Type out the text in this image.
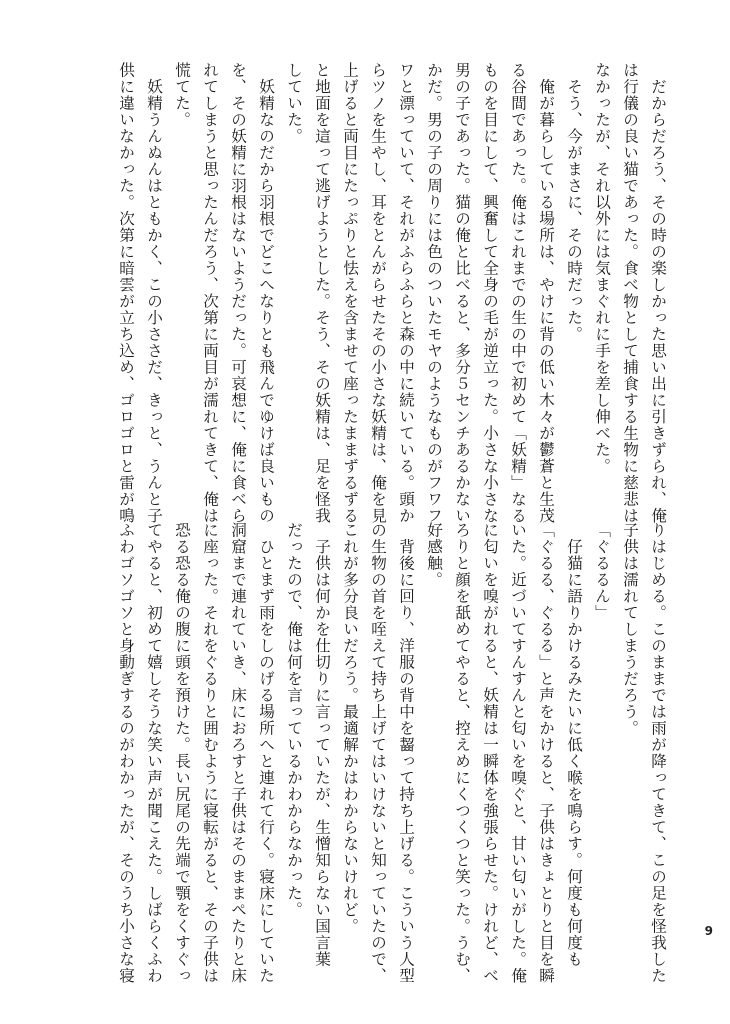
　だからだろう、その時の楽しかった思い出に引きずられ、俺
は行儀の良い猫であった。食べ物として捕食する生物に慈悲は
なかったが、それ以外には気まぐれに手を差し伸べた。
　そう、今がまさに、その時だった。
　俺が暮らしている場所は、やけに背の低い木々が鬱蒼と生茂
る谷間であった。俺はこれまでの生の中で初めて「妖精」なる
ものを目にして、興奮して全身の毛が逆立った。小さな小さな
男の子であった。猫の俺と比べると、多分５センチあるかない
かだ。男の子の周りには色のついたモヤのようなものがフワフ
ワと漂っていて、それがふらふらと森の中に続いている。頭か
らツノを生やし、耳をとんがらせたその小さな妖精は、俺を見
上げると両目にたっぷりと怯えを含ませて座ったままずるずる
と地面を這って逃げようとした。そう、その妖精は、足を怪我
していた。
　妖精なのだから羽根でどこへなりとも飛んでゆけば良いもの
を、その妖精に羽根はないようだった。可哀想に、俺に食べら
れてしまうと思ったんだろう、次第に両目が濡れてきて、俺は
慌てた。
　妖精うんぬんはともかく、この小ささだ、きっと、うんと子
供に違いなかった。次第に暗雲が立ち込め、ゴロゴロと雷が鳴
りはじめる。このままでは雨が降ってきて、この足を怪我した
子供は濡れてしまうだろう。
「ぐるるん」
　仔猫に語りかけるみたいに低く喉を鳴らす。何度も何度も
「ぐるる、ぐるる」と声をかけると、子供はきょとりと目を瞬
いた。近づいてすんすんと匂いを嗅ぐと、甘い匂いがした。俺
に匂いを嗅がれると、妖精は一瞬体を強張らせた。けれど、べ
ろりと顔を舐めてやると、控えめにくつくつと笑った。うむ、
好感触。
　背後に回り、洋服の背中を齧って持ち上げる。こういう人型
の生物の首を咥えて持ち上げてはいけないと知っていたので、
これが多分良いだろう。最適解かはわからないけれど。
　子供は何かを仕切りに言っていたが、生憎知らない国言葉
だったので、俺は何を言っているかわからなかった。
　ひとまず雨をしのげる場所へと連れて行く。寝床にしていた
洞窟まで連れていき、床におろすと子供はそのままぺたりと床
に座った。それをぐるりと囲むように寝転がると、その子供は
恐る恐る俺の腹に頭を預けた。長い尻尾の先端で顎をくすぐっ
てやると、初めて嬉しそうな笑い声が聞こえた。しばらくふわ
ふわゴソゴソと身動ぎするのがわかったが、そのうち小さな寝	9
